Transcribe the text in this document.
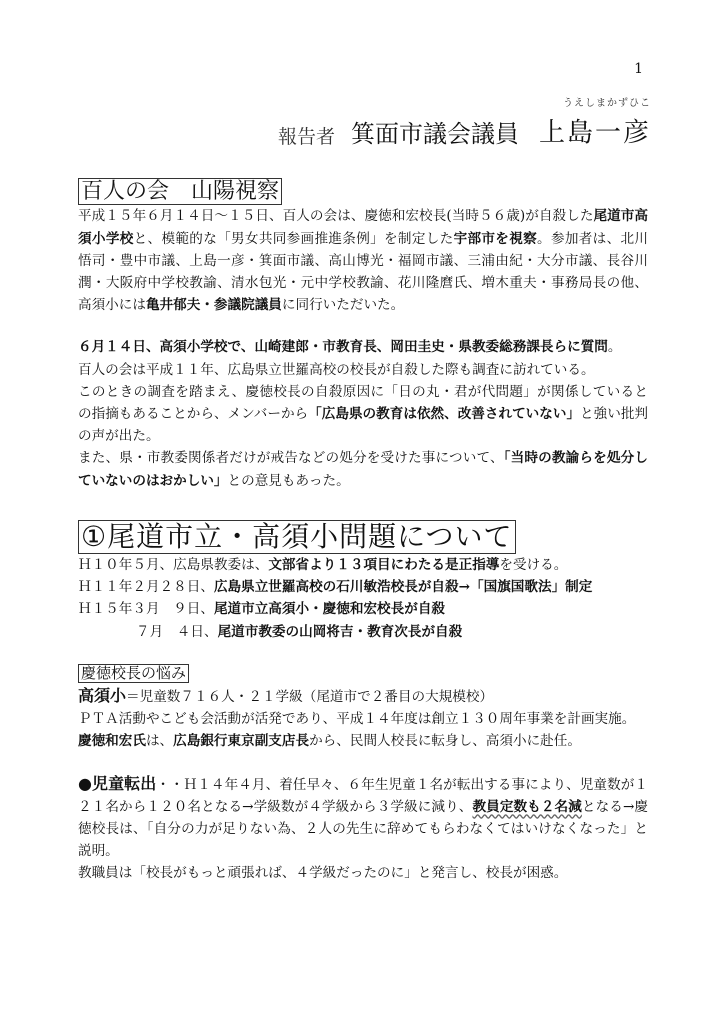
1
報告者 箕面市議会議員
うえしまかずひこ
上島一彦
百人の会　山陽視察

平成１５年６月１４日〜１５日、百人の会は、慶徳和宏校長(当時５６歳)が自殺した尾道市高須小学校と、模範的な「男女共同参画推進条例」を制定した宇部市を視察。参加者は、北川悟司・豊中市議、上島一彦・箕面市議、高山博光・福岡市議、三浦由紀・大分市議、長谷川潤・大阪府中学校教諭、清水包光・元中学校教諭、花川隆麿氏、増木重夫・事務局長の他、高須小には亀井郁夫・参議院議員に同行いただいた。

６月１４日、高須小学校で、山崎建郎・市教育長、岡田圭史・県教委総務課長らに質問。
百人の会は平成１１年、広島県立世羅高校の校長が自殺した際も調査に訪れている。
このときの調査を踏まえ、慶徳校長の自殺原因に「日の丸・君が代問題」が関係しているとの指摘もあることから、メンバーから「広島県の教育は依然、改善されていない」と強い批判の声が出た。
また、県・市教委関係者だけが戒告などの処分を受けた事について、「当時の教諭らを処分していないのはおかしい」との意見もあった。

①尾道市立・高須小問題について

Ｈ１０年５月、広島県教委は、文部省より１３項目にわたる是正指導を受ける。

Ｈ１１年２月２８日、広島県立世羅高校の石川敏浩校長が自殺→「国旗国歌法」制定

Ｈ１５年３月　９日、尾道市立高須小・慶徳和宏校長が自殺

７月　４日、尾道市教委の山岡将吉・教育次長が自殺

慶徳校長の悩み

高須小＝児童数７１６人・２１学級（尾道市で２番目の大規模校）

ＰＴＡ活動やこども会活動が活発であり、平成１４年度は創立１３０周年事業を計画実施。

慶徳和宏氏は、広島銀行東京副支店長から、民間人校長に転身し、高須小に赴任。

●児童転出・・Ｈ１４年４月、着任早々、６年生児童１名が転出する事により、児童数が１２１名から１２０名となる→学級数が４学級から３学級に減り、教員定数も２名減となる→慶徳校長は、「自分の力が足りない為、２人の先生に辞めてもらわなくてはいけなくなった」と説明。

教職員は「校長がもっと頑張れば、４学級だったのに」と発言し、校長が困惑。
